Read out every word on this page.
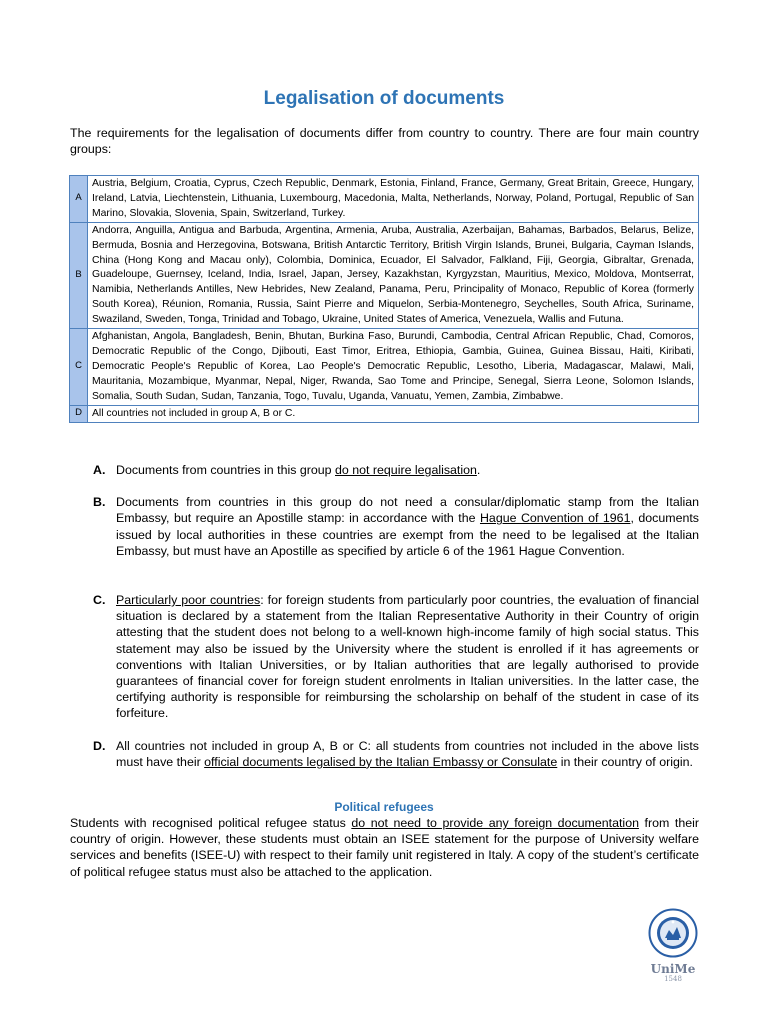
Legalisation of documents
The requirements for the legalisation of documents differ from country to country. There are four main country groups:
A	Austria, Belgium, Croatia, Cyprus, Czech Republic, Denmark, Estonia, Finland, France, Germany, Great Britain, Greece, Hungary, Ireland, Latvia, Liechtenstein, Lithuania, Luxembourg, Macedonia, Malta, Netherlands, Norway, Poland, Portugal, Republic of San Marino, Slovakia, Slovenia, Spain, Switzerland, Turkey.
B	Andorra, Anguilla, Antigua and Barbuda, Argentina, Armenia, Aruba, Australia, Azerbaijan, Bahamas, Barbados, Belarus, Belize, Bermuda, Bosnia and Herzegovina, Botswana, British Antarctic Territory, British Virgin Islands, Brunei, Bulgaria, Cayman Islands, China (Hong Kong and Macau only), Colombia, Dominica, Ecuador, El Salvador, Falkland, Fiji, Georgia, Gibraltar, Grenada, Guadeloupe, Guernsey, Iceland, India, Israel, Japan, Jersey, Kazakhstan, Kyrgyzstan, Mauritius, Mexico, Moldova, Montserrat, Namibia, Netherlands Antilles, New Hebrides, New Zealand, Panama, Peru, Principality of Monaco, Republic of Korea (formerly South Korea), Réunion, Romania, Russia, Saint Pierre and Miquelon, Serbia-Montenegro, Seychelles, South Africa, Suriname, Swaziland, Sweden, Tonga, Trinidad and Tobago, Ukraine, United States of America, Venezuela, Wallis and Futuna.
C	Afghanistan, Angola, Bangladesh, Benin, Bhutan, Burkina Faso, Burundi, Cambodia, Central African Republic, Chad, Comoros, Democratic Republic of the Congo, Djibouti, East Timor, Eritrea, Ethiopia, Gambia, Guinea, Guinea Bissau, Haiti, Kiribati, Democratic People's Republic of Korea, Lao People's Democratic Republic, Lesotho, Liberia, Madagascar, Malawi, Mali, Mauritania, Mozambique, Myanmar, Nepal, Niger, Rwanda, Sao Tome and Principe, Senegal, Sierra Leone, Solomon Islands, Somalia, South Sudan, Sudan, Tanzania, Togo, Tuvalu, Uganda, Vanuatu, Yemen, Zambia, Zimbabwe.
D	All countries not included in group A, B or C.
A. Documents from countries in this group do not require legalisation.
B. Documents from countries in this group do not need a consular/diplomatic stamp from the Italian Embassy, but require an Apostille stamp: in accordance with the Hague Convention of 1961, documents issued by local authorities in these countries are exempt from the need to be legalised at the Italian Embassy, but must have an Apostille as specified by article 6 of the 1961 Hague Convention.
C. Particularly poor countries: for foreign students from particularly poor countries, the evaluation of financial situation is declared by a statement from the Italian Representative Authority in their Country of origin attesting that the student does not belong to a well-known high-income family of high social status. This statement may also be issued by the University where the student is enrolled if it has agreements or conventions with Italian Universities, or by Italian authorities that are legally authorised to provide guarantees of financial cover for foreign student enrolments in Italian universities. In the latter case, the certifying authority is responsible for reimbursing the scholarship on behalf of the student in case of its forfeiture.
D. All countries not included in group A, B or C: all students from countries not included in the above lists must have their official documents legalised by the Italian Embassy or Consulate in their country of origin.
Political refugees
Students with recognised political refugee status do not need to provide any foreign documentation from their country of origin. However, these students must obtain an ISEE statement for the purpose of University welfare services and benefits (ISEE-U) with respect to their family unit registered in Italy. A copy of the student’s certificate of political refugee status must also be attached to the application.
UniMe
1548
